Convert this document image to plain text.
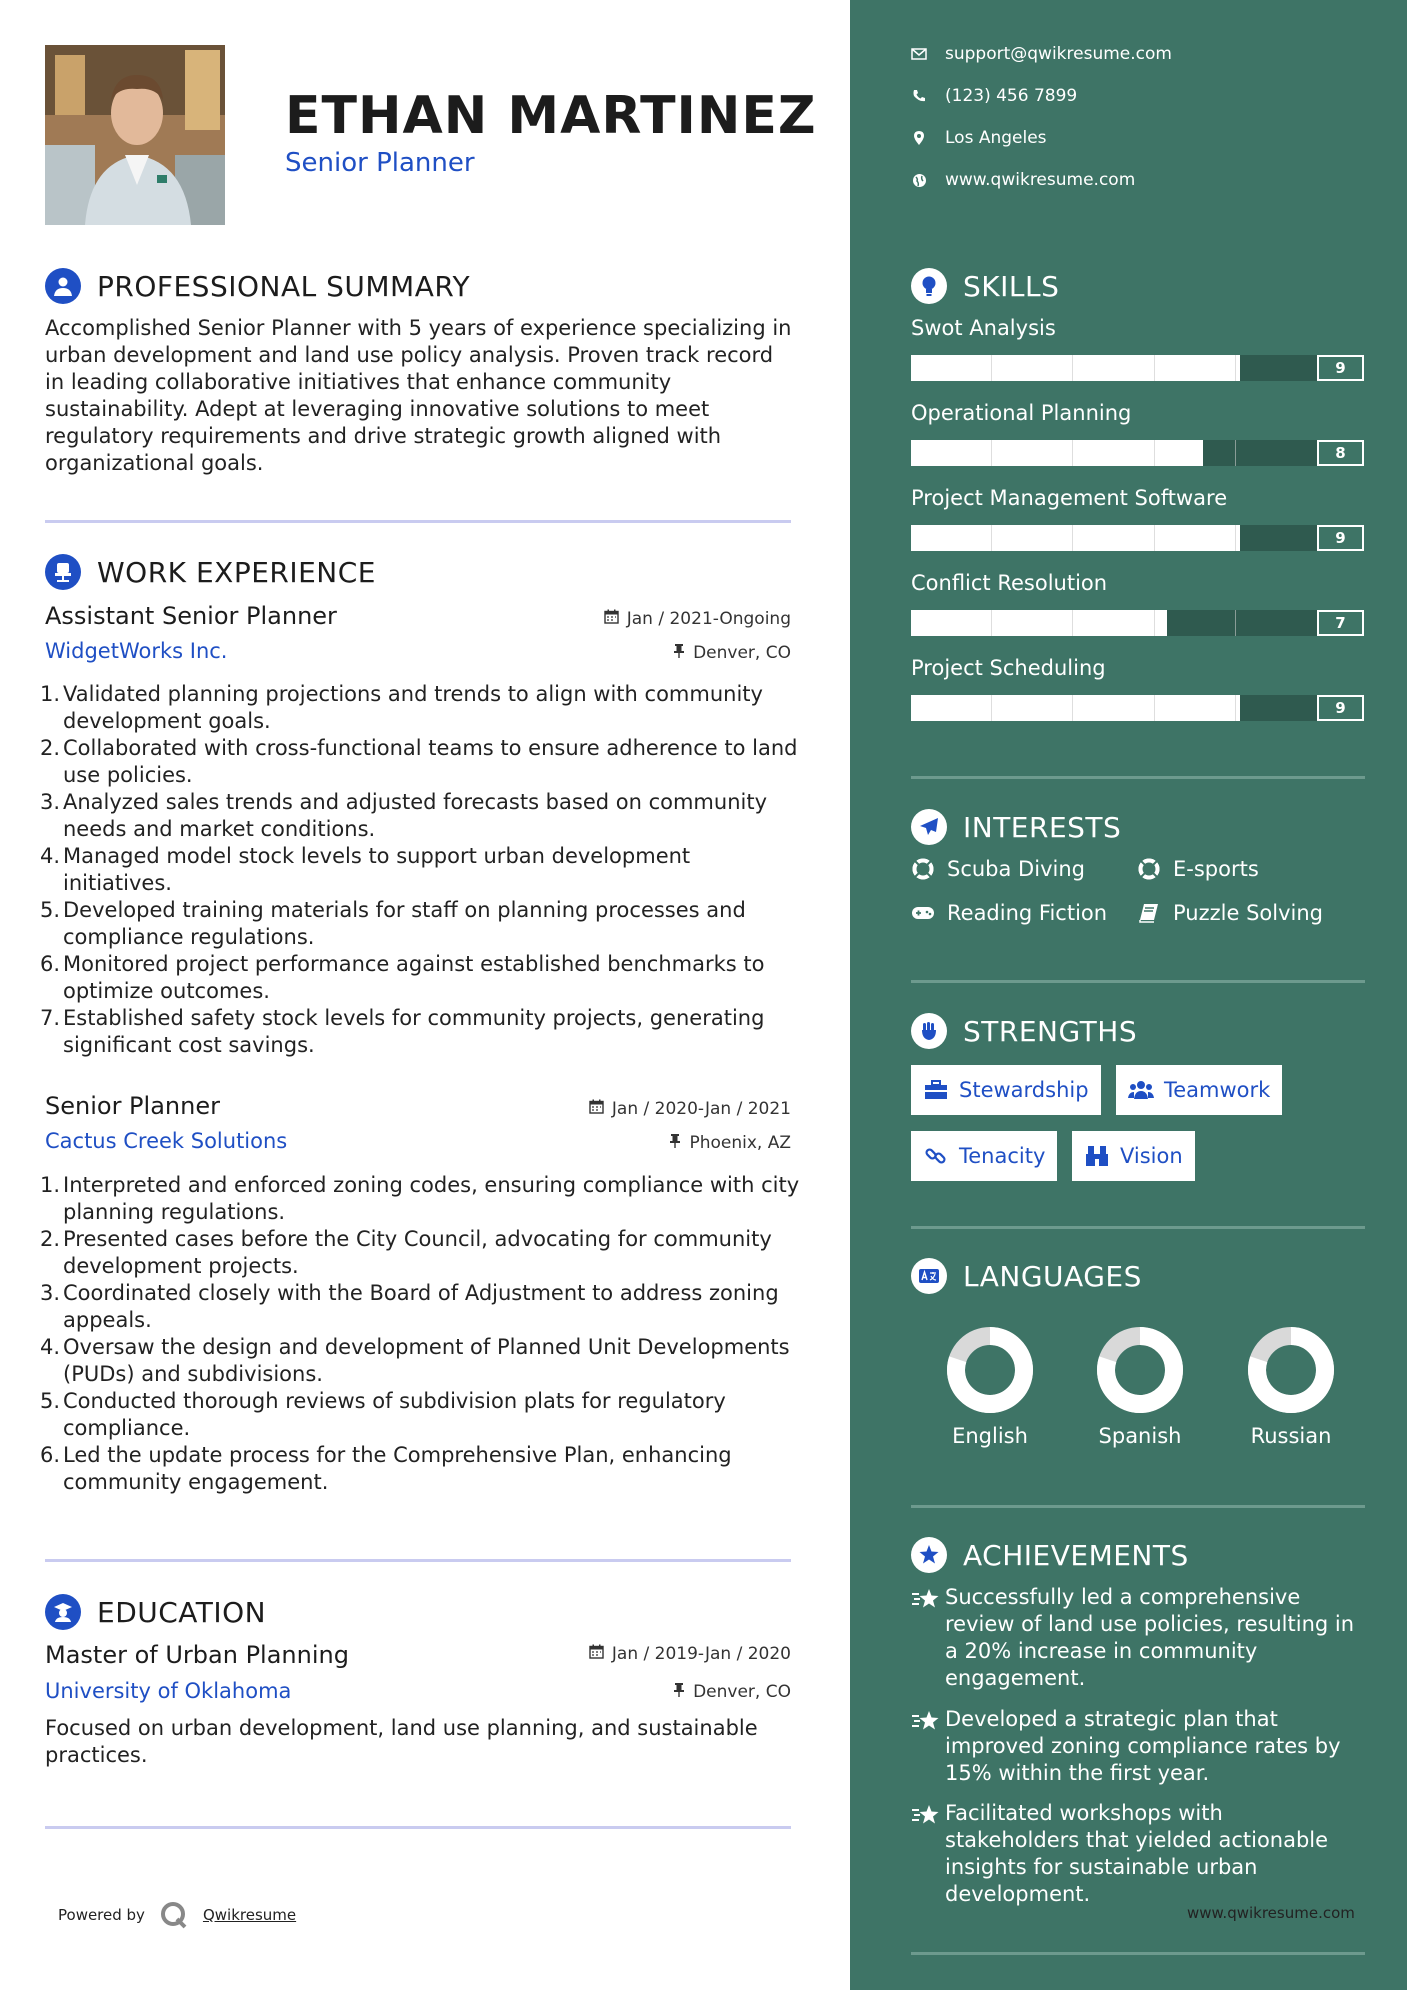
ETHAN MARTINEZ
Senior Planner
PROFESSIONAL SUMMARY
Accomplished Senior Planner with 5 years of experience specializing in urban development and land use policy analysis. Proven track record in leading collaborative initiatives that enhance community sustainability. Adept at leveraging innovative solutions to meet regulatory requirements and drive strategic growth aligned with organizational goals.
WORK EXPERIENCE
Assistant Senior Planner	Jan / 2021-Ongoing
WidgetWorks Inc.	Denver, CO
1. Validated planning projections and trends to align with community development goals.
2. Collaborated with cross-functional teams to ensure adherence to land use policies.
3. Analyzed sales trends and adjusted forecasts based on community needs and market conditions.
4. Managed model stock levels to support urban development initiatives.
5. Developed training materials for staff on planning processes and compliance regulations.
6. Monitored project performance against established benchmarks to optimize outcomes.
7. Established safety stock levels for community projects, generating significant cost savings.
Senior Planner	Jan / 2020-Jan / 2021
Cactus Creek Solutions	Phoenix, AZ
1. Interpreted and enforced zoning codes, ensuring compliance with city planning regulations.
2. Presented cases before the City Council, advocating for community development projects.
3. Coordinated closely with the Board of Adjustment to address zoning appeals.
4. Oversaw the design and development of Planned Unit Developments (PUDs) and subdivisions.
5. Conducted thorough reviews of subdivision plats for regulatory compliance.
6. Led the update process for the Comprehensive Plan, enhancing community engagement.
EDUCATION
Master of Urban Planning	Jan / 2019-Jan / 2020
University of Oklahoma	Denver, CO
Focused on urban development, land use planning, and sustainable practices.
Powered by	Qwikresume
support@qwikresume.com
(123) 456 7899
Los Angeles
www.qwikresume.com
SKILLS
Swot Analysis
9
Operational Planning
8
Project Management Software
9
Conflict Resolution
7
Project Scheduling
9
INTERESTS
Scuba Diving	E-sports
Reading Fiction	Puzzle Solving
STRENGTHS
Stewardship	Teamwork
Tenacity	Vision
LANGUAGES
English	Spanish	Russian
ACHIEVEMENTS
Successfully led a comprehensive review of land use policies, resulting in a 20% increase in community engagement.
Developed a strategic plan that improved zoning compliance rates by 15% within the first year.
Facilitated workshops with stakeholders that yielded actionable insights for sustainable urban development.
www.qwikresume.com
